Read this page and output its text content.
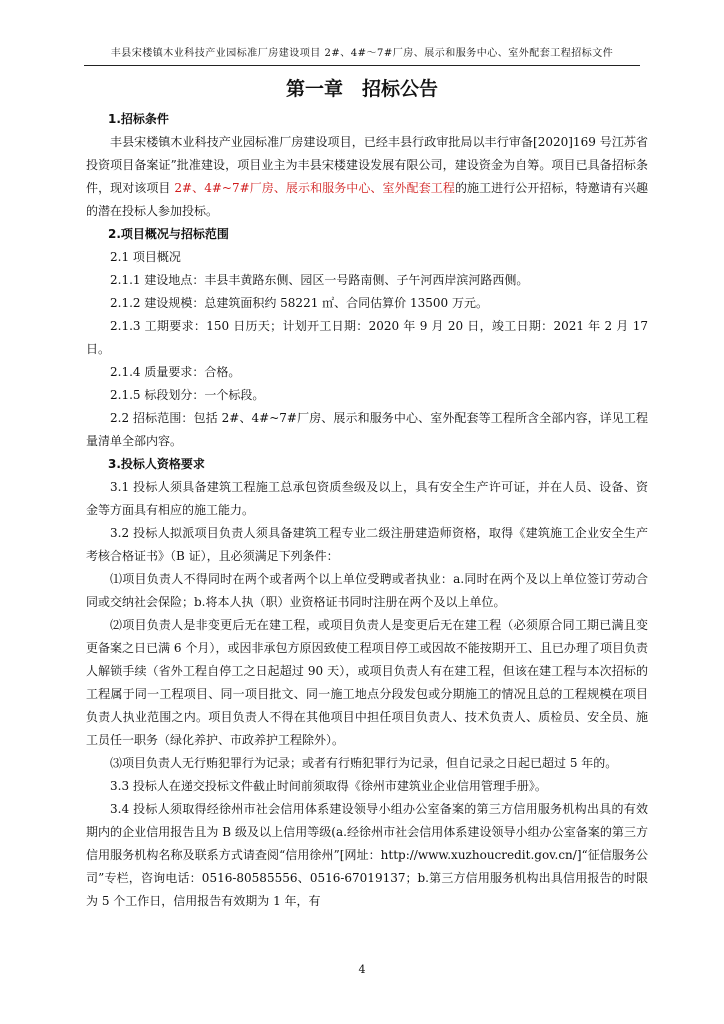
丰县宋楼镇木业科技产业园标准厂房建设项目 2#、4#～7#厂房、展示和服务中心、室外配套工程招标文件
第一章　招标公告

1.招标条件

丰县宋楼镇木业科技产业园标准厂房建设项目，已经丰县行政审批局以丰行审备[2020]169 号江苏省投资项目备案证”批准建设，项目业主为丰县宋楼建设发展有限公司，建设资金为自筹。项目已具备招标条件，现对该项目 2#、4#~7#厂房、展示和服务中心、室外配套工程的施工进行公开招标，特邀请有兴趣的潜在投标人参加投标。

2.项目概况与招标范围

2.1 项目概况

2.1.1 建设地点：丰县丰黄路东侧、园区一号路南侧、子午河西岸滨河路西侧。

2.1.2 建设规模：总建筑面积约 58221 ㎡、合同估算价 13500 万元。

2.1.3 工期要求：150 日历天；计划开工日期：2020 年 9 月 20 日，竣工日期：2021 年 2 月 17 日。

2.1.4 质量要求：合格。

2.1.5 标段划分：一个标段。

2.2 招标范围：包括 2#、4#~7#厂房、展示和服务中心、室外配套等工程所含全部内容，详见工程量清单全部内容。

3.投标人资格要求

3.1 投标人须具备建筑工程施工总承包资质叁级及以上，具有安全生产许可证，并在人员、设备、资金等方面具有相应的施工能力。

3.2 投标人拟派项目负责人须具备建筑工程专业二级注册建造师资格，取得《建筑施工企业安全生产考核合格证书》（B 证），且必须满足下列条件：

⑴项目负责人不得同时在两个或者两个以上单位受聘或者执业：a.同时在两个及以上单位签订劳动合同或交纳社会保险；b.将本人执（职）业资格证书同时注册在两个及以上单位。

⑵项目负责人是非变更后无在建工程，或项目负责人是变更后无在建工程（必须原合同工期已满且变更备案之日已满 6 个月），或因非承包方原因致使工程项目停工或因故不能按期开工、且已办理了项目负责人解锁手续（省外工程自停工之日起超过 90 天），或项目负责人有在建工程，但该在建工程与本次招标的工程属于同一工程项目、同一项目批文、同一施工地点分段发包或分期施工的情况且总的工程规模在项目负责人执业范围之内。项目负责人不得在其他项目中担任项目负责人、技术负责人、质检员、安全员、施工员任一职务（绿化养护、市政养护工程除外）。

⑶项目负责人无行贿犯罪行为记录；或者有行贿犯罪行为记录，但自记录之日起已超过 5 年的。

3.3 投标人在递交投标文件截止时间前须取得《徐州市建筑业企业信用管理手册》。

3.4 投标人须取得经徐州市社会信用体系建设领导小组办公室备案的第三方信用服务机构出具的有效期内的企业信用报告且为 B 级及以上信用等级(a.经徐州市社会信用体系建设领导小组办公室备案的第三方信用服务机构名称及联系方式请查阅“信用徐州”[网址：http://www.xuzhoucredit.gov.cn/]“征信服务公司”专栏，咨询电话：0516-80585556、0516-67019137；b.第三方信用服务机构出具信用报告的时限为 5 个工作日，信用报告有效期为 1 年，有

4
